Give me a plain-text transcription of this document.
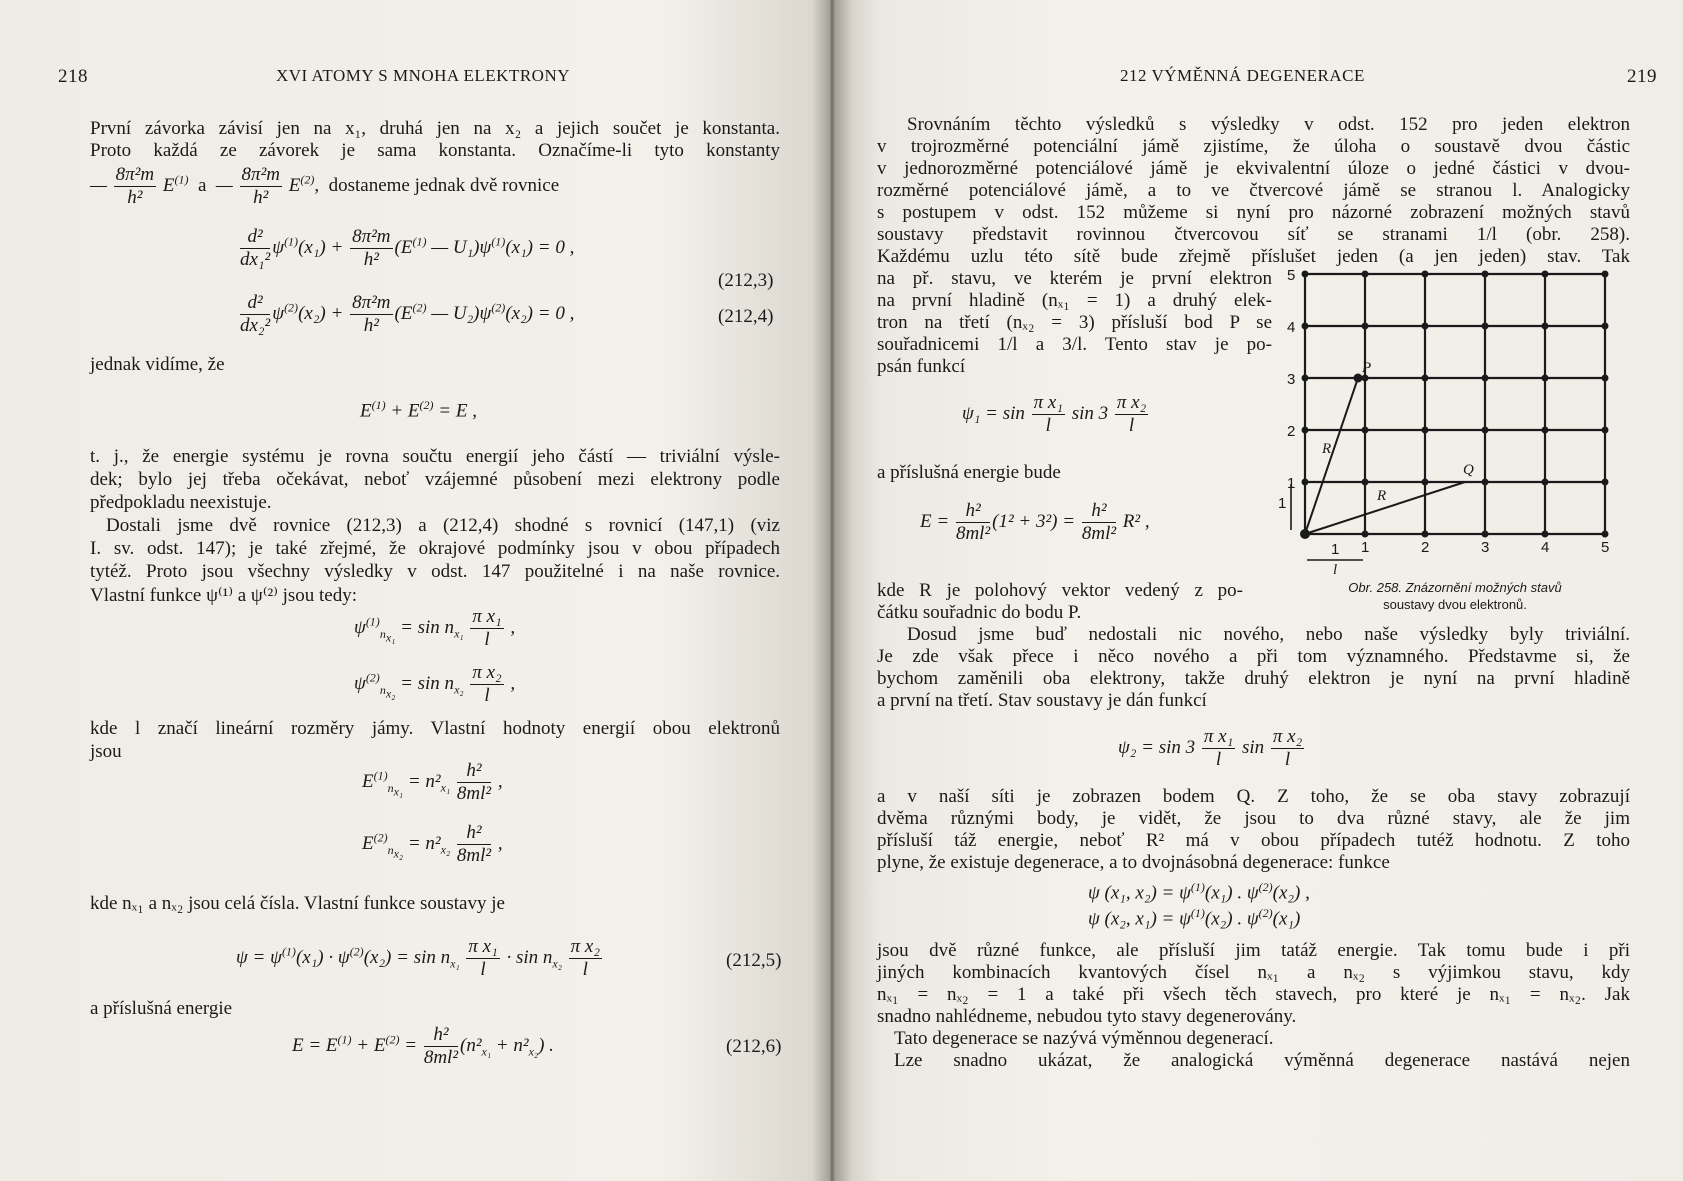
218	XVI ATOMY S MNOHA ELEKTRONY
První závorka závisí jen na x₁, druhá jen na x₂ a jejich součet je konstanta.
Proto každá ze závorek je sama konstanta. Označíme-li tyto konstanty
— $\frac{\text{8π²m}}{\text{h²}} E^{(1)}$  a  — $\frac{\text{8π²m}}{\text{h²}} E^{(2)}$,  dostaneme jednak dvě rovnice
$\frac{\text{d²}}{\text{dx₁²}} \psi^{(1)}(x_1) + \frac{\text{8π²m}}{\text{h²}} (E^{(1)}$ — $U_1)\psi^{(1)}(x_1) = 0$ ,
(212,3)
$\frac{\text{d²}}{\text{dx₂²}} \psi^{(2)}(x_2) + \frac{\text{8π²m}}{\text{h²}} (E^{(2)}$ — $U_2)\psi^{(2)}(x_2) = 0$ ,	(212,4)
jednak vidíme, že
$E^{(1)} + E^{(2)} = E$ ,
t. j., že energie systému je rovna součtu energií jeho částí — triviální výsle-
dek; bylo jej třeba očekávat, neboť vzájemné působení mezi elektrony podle
předpokladu neexistuje.
Dostali jsme dvě rovnice (212,3) a (212,4) shodné s rovnicí (147,1) (viz
I. sv. odst. 147); je také zřejmé, že okrajové podmínky jsou v obou případech
tytéž. Proto jsou všechny výsledky v odst. 147 použitelné i na naše rovnice.
Vlastní funkce ψ⁽¹⁾ a ψ⁽²⁾ jsou tedy:
$\psi^{(1)}_{n_{x_1}} = \sin n_{x_1} \frac{\text{π x₁}}{l}$ ,
$\psi^{(2)}_{n_{x_2}} = \sin n_{x_2} \frac{\text{π x₂}}{l}$ ,
kde l značí lineární rozměry jámy. Vlastní hodnoty energií obou elektronů
jsou
$E^{(1)}_{n_{x_1}} = n^2_{x_1} \frac{\text{h²}}{\text{8ml²}}$ ,
$E^{(2)}_{n_{x_2}} = n^2_{x_2} \frac{\text{h²}}{\text{8ml²}}$ ,
kde nₓ₁ a nₓ₂ jsou celá čísla. Vlastní funkce soustavy je
$\psi = \psi^{(1)}(x_1) \cdot \psi^{(2)}(x_2) = \sin n_{x_1} \frac{\text{π x₁}}{l} \cdot \sin n_{x_2} \frac{\text{π x₂}}{l}$	(212,5)
a příslušná energie
$E = E^{(1)} + E^{(2)} = \frac{\text{h²}}{\text{8ml²}} (n^2_{x_1} + n^2_{x_2})$ .	(212,6)
212 VÝMĚNNÁ DEGENERACE	219
Srovnáním těchto výsledků s výsledky v odst. 152 pro jeden elektron
v trojrozměrné potenciální jámě zjistíme, že úloha o soustavě dvou částic
v jednorozměrné potenciálové jámě je ekvivalentní úloze o jedné částici v dvou-
rozměrné potenciálové jámě, a to ve čtvercové jámě se stranou l. Analogicky
s postupem v odst. 152 můžeme si nyní pro názorné zobrazení možných stavů
soustavy představit rovinnou čtvercovou síť se stranami 1/l (obr. 258).
Každému uzlu této sítě bude zřejmě příslušet jeden (a jen jeden) stav. Tak
na př. stavu, ve kterém je první elektron
na první hladině (nₓ₁ = 1) a druhý elek-
tron na třetí (nₓ₂ = 3) přísluší bod P se
souřadnicemi 1/l a 3/l. Tento stav je po-
psán funkcí
$\psi_1 = \sin \frac{\text{π x₁}}{l}$ $\sin 3 \frac{\text{π x₂}}{l}$
a příslušná energie bude
$E = \frac{\text{h²}}{\text{8ml²}} (1^2 + 3^2) = \frac{\text{h²}}{\text{8ml²}} R^2$ ,
kde R je polohový vektor vedený z po-
čátku souřadnic do bodu P.
Dosud jsme buď nedostali nic nového, nebo naše výsledky byly triviální.
Je zde však přece i něco nového a při tom významného. Představme si, že
bychom zaměnili oba elektrony, takže druhý elektron je nyní na první hladině
a první na třetí. Stav soustavy je dán funkcí
$\psi_2 = \sin 3 \frac{\text{π x₁}}{l}$ $\sin \frac{\text{π x₂}}{l}$
a v naší síti je zobrazen bodem Q. Z toho, že se oba stavy zobrazují
dvěma různými body, je vidět, že jsou to dva různé stavy, ale že jim
přísluší táž energie, neboť R² má v obou případech tutéž hodnotu. Z toho
plyne, že existuje degenerace, a to dvojnásobná degenerace: funkce
ψ (x₁, $x_2) = \psi^{(1)}(x_1)$ . $\psi^{(2)}(x_2)$ ,
ψ (x₂, $x_1) = \psi^{(1)}(x_2)$ . $\psi^{(2)}(x_1)$
jsou dvě různé funkce, ale přísluší jim tatáž energie. Tak tomu bude i při
jiných kombinacích kvantových čísel nₓ₁ a nₓ₂ s výjimkou stavu, kdy
nₓ₁ = nₓ₂ = 1 a také při všech těch stavech, pro které je nₓ₁ = nₓ₂. Jak
snadno nahlédneme, nebudou tyto stavy degenerovány.
Tato degenerace se nazývá výměnnou degenerací.
Lze snadno ukázat, že analogická výměnná degenerace nastává nejen
P
Q
R
R
5
4
3
2
1
1	2	3	4	5
1
l
1
Obr. 258. Znázornění možných stavů
soustavy dvou elektronů.
